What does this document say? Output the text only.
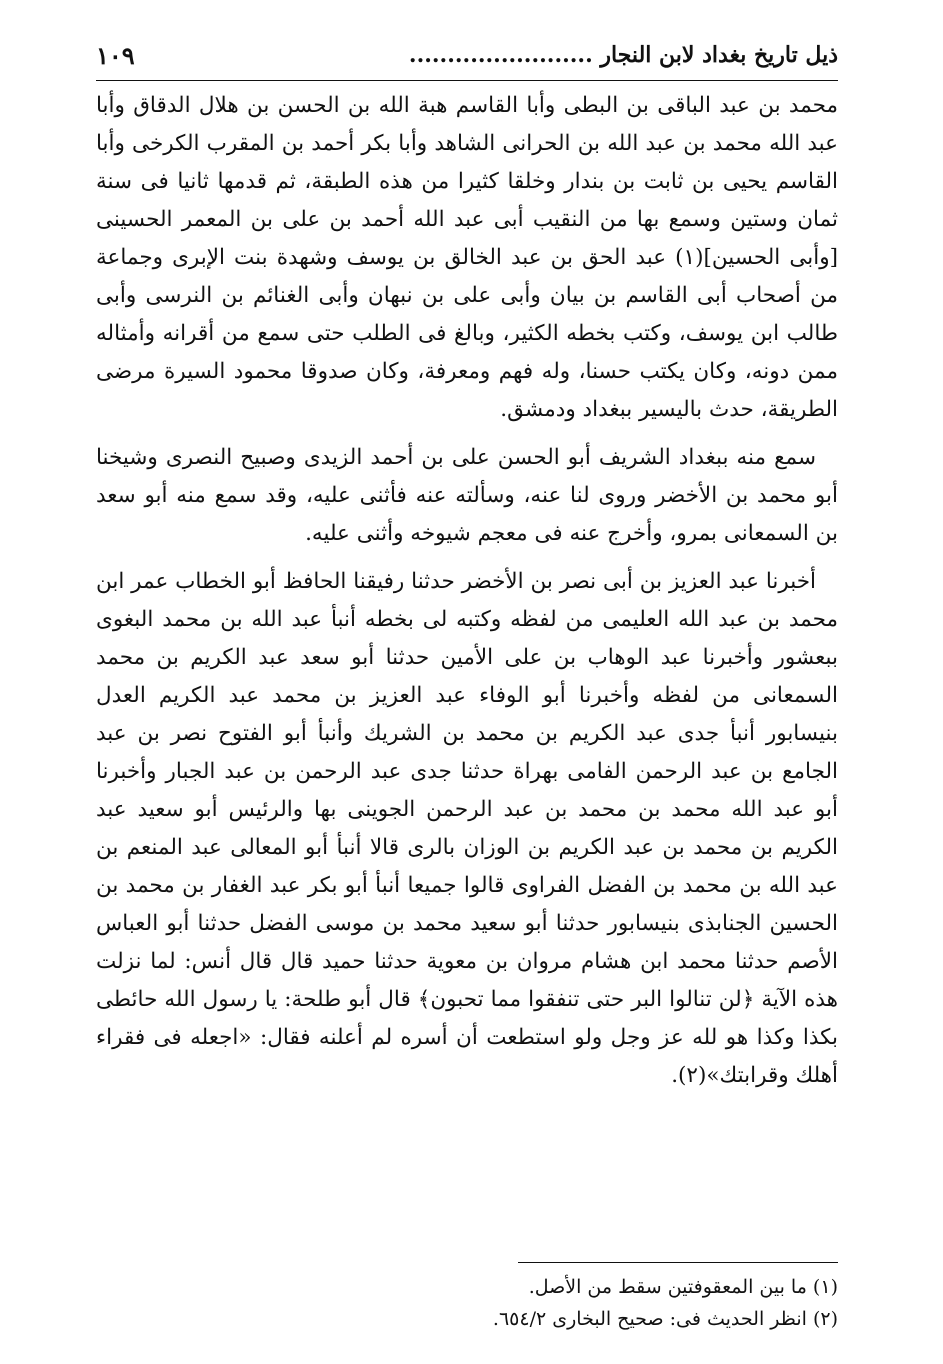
ذيل تاريخ بغداد لابن النجار ........................
١٠٩

محمد بن عبد الباقى بن البطى وأبا القاسم هبة الله بن الحسن بن هلال الدقاق وأبا عبد الله محمد بن عبد الله بن الحرانى الشاهد وأبا بكر أحمد بن المقرب الكرخى وأبا القاسم يحيى بن ثابت بن بندار وخلقا كثيرا من هذه الطبقة، ثم قدمها ثانيا فى سنة ثمان وستين وسمع بها من النقيب أبى عبد الله أحمد بن على بن المعمر الحسينى [وأبى الحسين](١) عبد الحق بن عبد الخالق بن يوسف وشهدة بنت الإبرى وجماعة من أصحاب أبى القاسم بن بيان وأبى على بن نبهان وأبى الغنائم بن النرسى وأبى طالب ابن يوسف، وكتب بخطه الكثير، وبالغ فى الطلب حتى سمع من أقرانه وأمثاله ممن دونه، وكان يكتب حسنا، وله فهم ومعرفة، وكان صدوقا محمود السيرة مرضى الطريقة، حدث باليسير ببغداد ودمشق.

سمع منه ببغداد الشريف أبو الحسن على بن أحمد الزيدى وصبيح النصرى وشيخنا أبو محمد بن الأخضر وروى لنا عنه، وسألته عنه فأثنى عليه، وقد سمع منه أبو سعد بن السمعانى بمرو، وأخرج عنه فى معجم شيوخه وأثنى عليه.

أخبرنا عبد العزيز بن أبى نصر بن الأخضر حدثنا رفيقنا الحافظ أبو الخطاب عمر ابن محمد بن عبد الله العليمى من لفظه وكتبه لى بخطه أنبأ عبد الله بن محمد البغوى ببعشور وأخبرنا عبد الوهاب بن على الأمين حدثنا أبو سعد عبد الكريم بن محمد السمعانى من لفظه وأخبرنا أبو الوفاء عبد العزيز بن محمد عبد الكريم العدل بنيسابور أنبأ جدى عبد الكريم بن محمد بن الشريك وأنبأ أبو الفتوح نصر بن عبد الجامع بن عبد الرحمن الفامى بهراة حدثنا جدى عبد الرحمن بن عبد الجبار وأخبرنا أبو عبد الله محمد بن محمد بن عبد الرحمن الجوينى بها والرئيس أبو سعيد عبد الكريم بن محمد بن عبد الكريم بن الوزان بالرى قالا أنبأ أبو المعالى عبد المنعم بن عبد الله بن محمد بن الفضل الفراوى قالوا جميعا أنبأ أبو بكر عبد الغفار بن محمد بن الحسين الجنابذى بنيسابور حدثنا أبو سعيد محمد بن موسى الفضل حدثنا أبو العباس الأصم حدثنا محمد ابن هشام مروان بن معوية حدثنا حميد قال قال أنس: لما نزلت هذه الآية ﴿لن تنالوا البر حتى تنفقوا مما تحبون﴾ قال أبو طلحة: يا رسول الله حائطى بكذا وكذا هو لله عز وجل ولو استطعت أن أسره لم أعلنه فقال: «اجعله فى فقراء أهلك وقرابتك»(٢).

(١) ما بين المعقوفتين سقط من الأصل.

(٢) انظر الحديث فى: صحيح البخارى ٦٥٤/٢.
